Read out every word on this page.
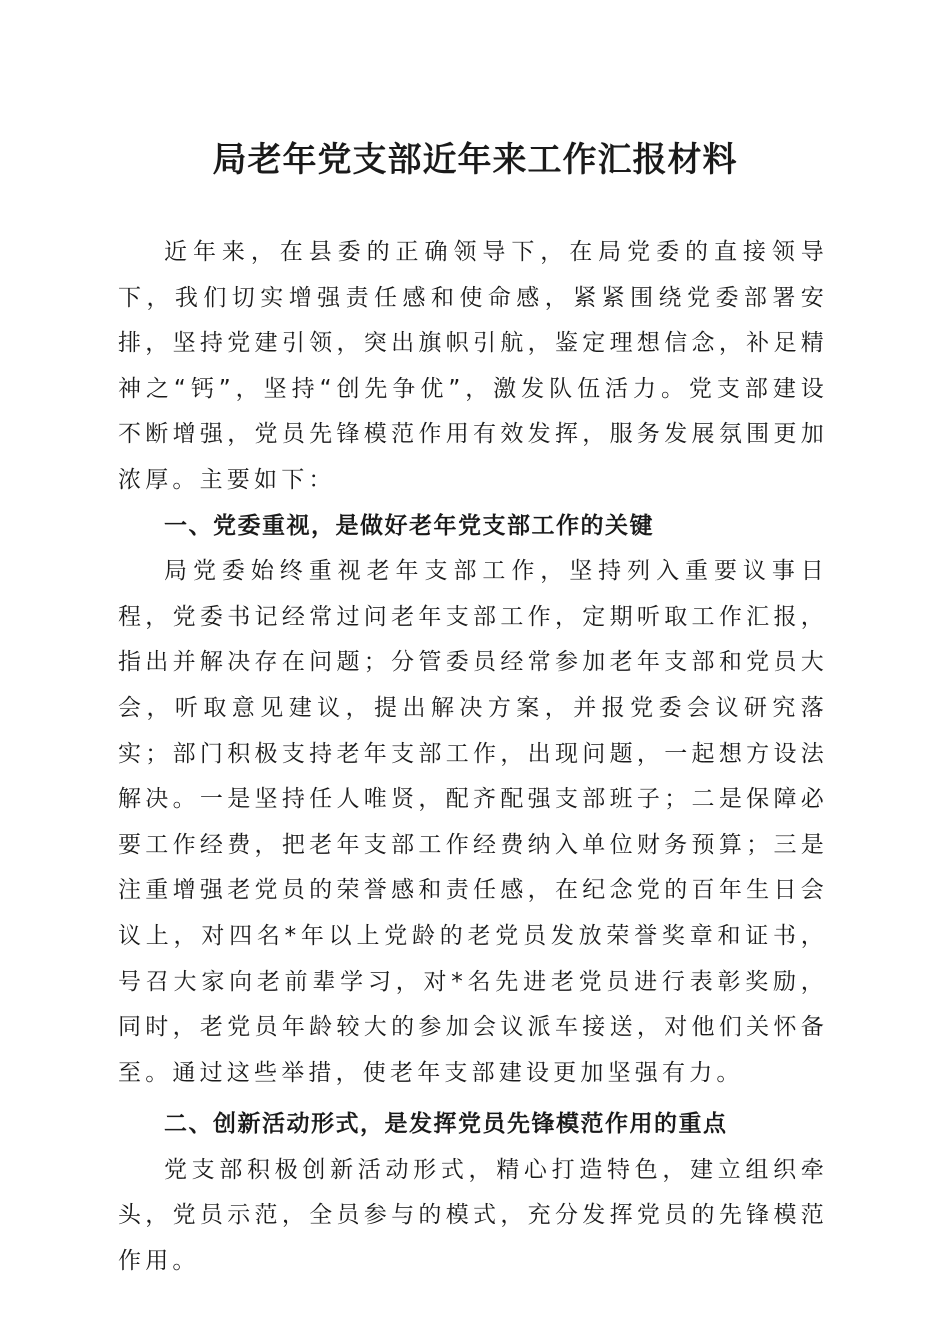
局老年党支部近年来工作汇报材料

近年来，在县委的正确领导下，在局党委的直接领导下，我们切实增强责任感和使命感，紧紧围绕党委部署安排，坚持党建引领，突出旗帜引航，鉴定理想信念，补足精神之“钙”，坚持“创先争优”，激发队伍活力。党支部建设不断增强，党员先锋模范作用有效发挥，服务发展氛围更加浓厚。主要如下：

一、党委重视，是做好老年党支部工作的关键

局党委始终重视老年支部工作，坚持列入重要议事日程，党委书记经常过问老年支部工作，定期听取工作汇报，指出并解决存在问题；分管委员经常参加老年支部和党员大会，听取意见建议，提出解决方案，并报党委会议研究落实；部门积极支持老年支部工作，出现问题，一起想方设法解决。一是坚持任人唯贤，配齐配强支部班子；二是保障必要工作经费，把老年支部工作经费纳入单位财务预算；三是注重增强老党员的荣誉感和责任感，在纪念党的百年生日会议上，对四名*年以上党龄的老党员发放荣誉奖章和证书，号召大家向老前辈学习，对*名先进老党员进行表彰奖励，同时，老党员年龄较大的参加会议派车接送，对他们关怀备至。通过这些举措，使老年支部建设更加坚强有力。

二、创新活动形式，是发挥党员先锋模范作用的重点

党支部积极创新活动形式，精心打造特色，建立组织牵头，党员示范，全员参与的模式，充分发挥党员的先锋模范作用。
